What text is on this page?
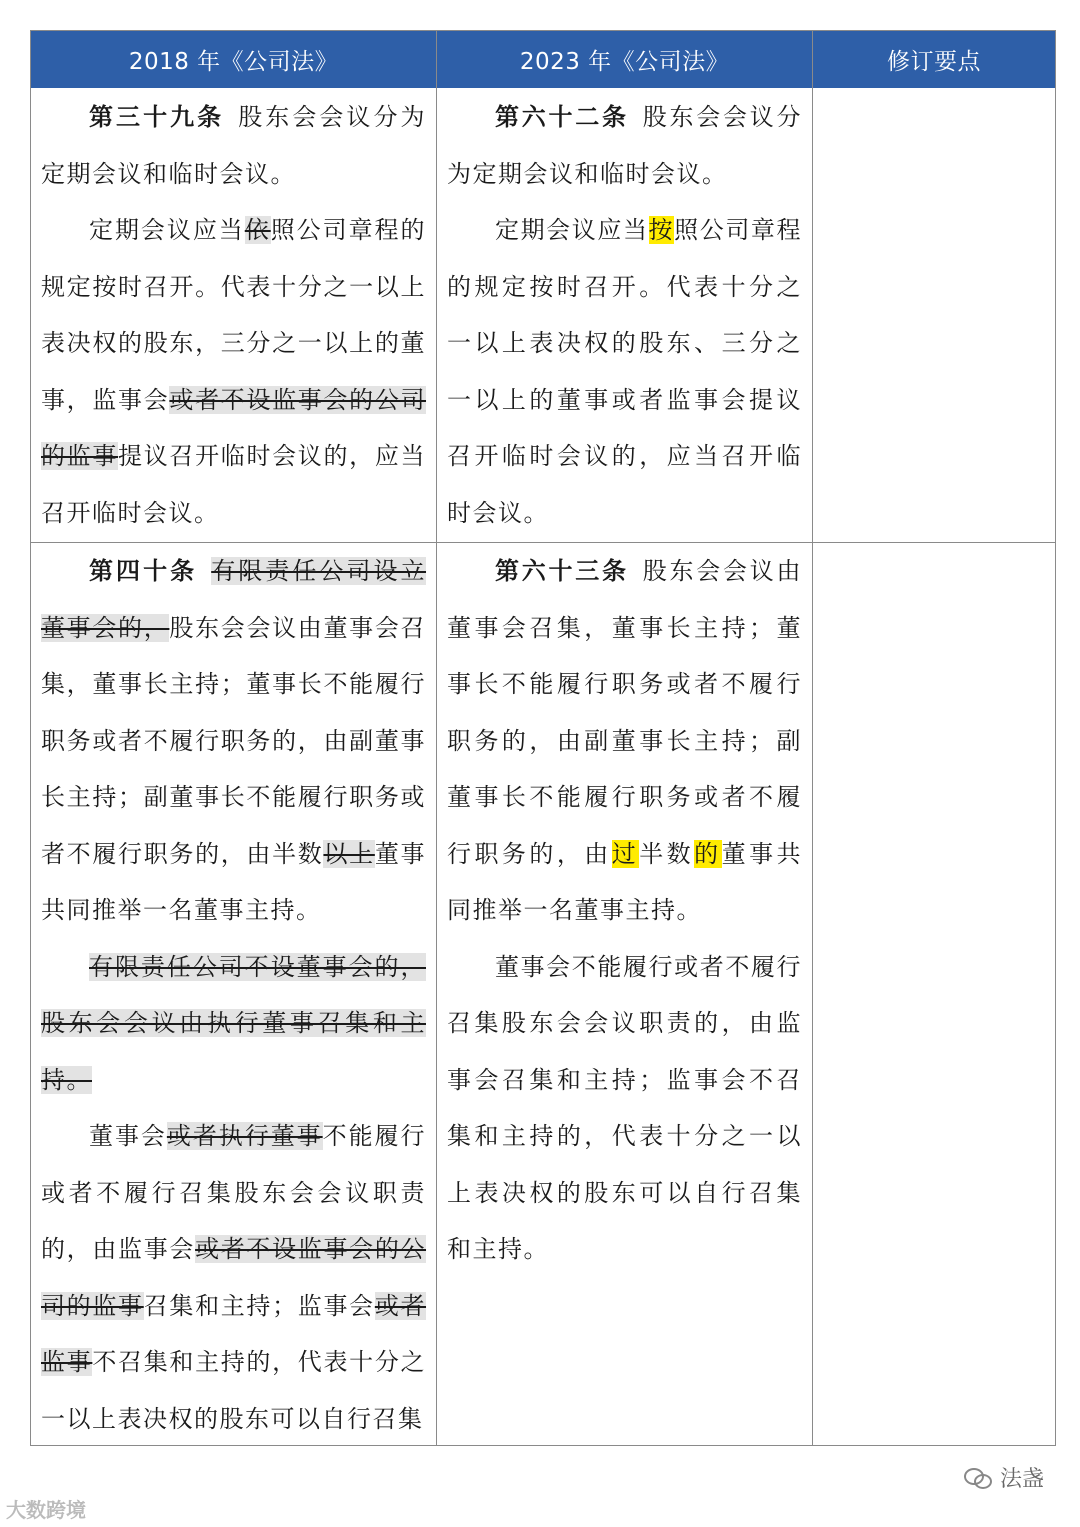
2018 年《公司法》	2023 年《公司法》	修订要点

第三十九条 股东会会议分为定期会议和临时会议。

定期会议应当依照公司章程的规定按时召开。代表十分之一以上表决权的股东，三分之一以上的董事，监事会或者不设监事会的公司的监事提议召开临时会议的，应当召开临时会议。

第六十二条 股东会会议分为定期会议和临时会议。

定期会议应当按照公司章程的规定按时召开。代表十分之一以上表决权的股东、三分之一以上的董事或者监事会提议召开临时会议的，应当召开临时会议。

第四十条 有限责任公司设立董事会的，股东会会议由董事会召集，董事长主持；董事长不能履行职务或者不履行职务的，由副董事长主持；副董事长不能履行职务或者不履行职务的，由半数以上董事共同推举一名董事主持。

有限责任公司不设董事会的，股东会会议由执行董事召集和主持。

董事会或者执行董事不能履行或者不履行召集股东会会议职责的，由监事会或者不设监事会的公司的监事召集和主持；监事会或者监事不召集和主持的，代表十分之一以上表决权的股东可以自行召集

第六十三条 股东会会议由董事会召集，董事长主持；董事长不能履行职务或者不履行职务的，由副董事长主持；副董事长不能履行职务或者不履行职务的，由过半数的董事共同推举一名董事主持。

董事会不能履行或者不履行召集股东会会议职责的，由监事会召集和主持；监事会不召集和主持的，代表十分之一以上表决权的股东可以自行召集和主持。

法盏
大数跨境
